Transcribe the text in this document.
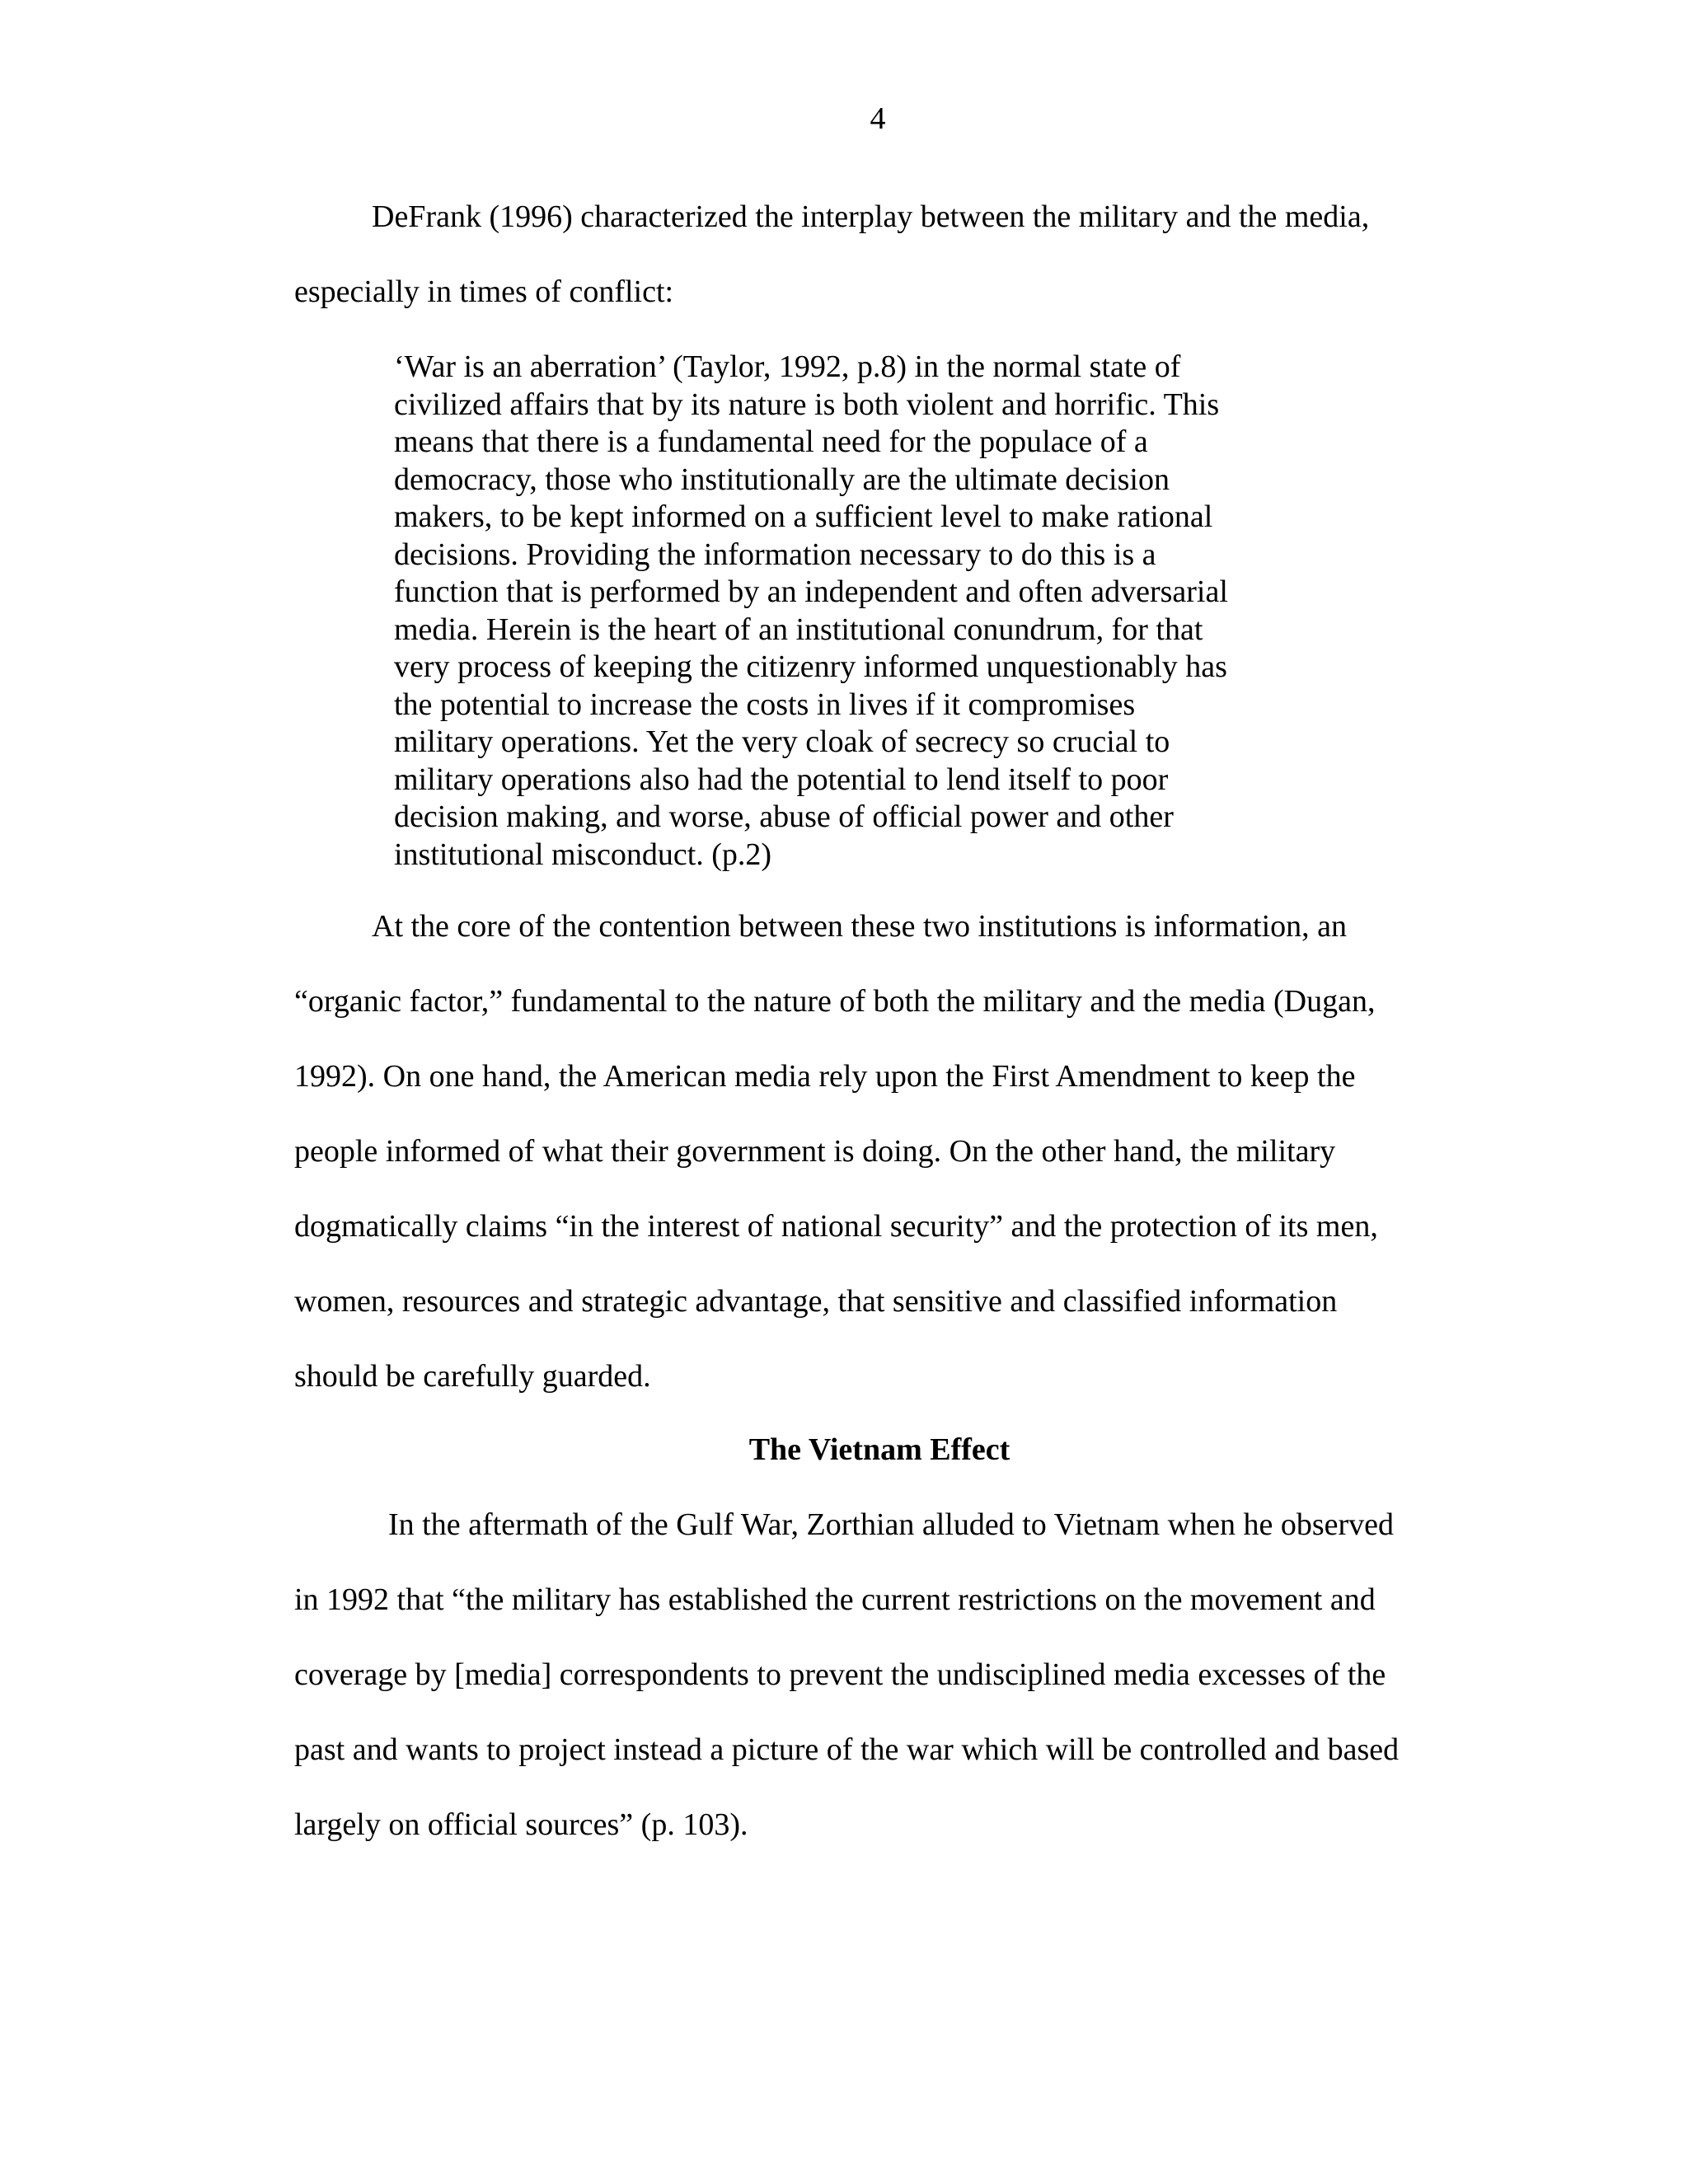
4

DeFrank (1996) characterized the interplay between the military and the media,

especially in times of conflict:

‘War is an aberration’ (Taylor, 1992, p.8) in the normal state of

civilized affairs that by its nature is both violent and horrific. This

means that there is a fundamental need for the populace of a

democracy, those who institutionally are the ultimate decision

makers, to be kept informed on a sufficient level to make rational

decisions. Providing the information necessary to do this is a

function that is performed by an independent and often adversarial

media. Herein is the heart of an institutional conundrum, for that

very process of keeping the citizenry informed unquestionably has

the potential to increase the costs in lives if it compromises

military operations. Yet the very cloak of secrecy so crucial to

military operations also had the potential to lend itself to poor

decision making, and worse, abuse of official power and other

institutional misconduct. (p.2)

At the core of the contention between these two institutions is information, an

“organic factor,” fundamental to the nature of both the military and the media (Dugan,

1992). On one hand, the American media rely upon the First Amendment to keep the

people informed of what their government is doing. On the other hand, the military

dogmatically claims “in the interest of national security” and the protection of its men,

women, resources and strategic advantage, that sensitive and classified information

should be carefully guarded.

The Vietnam Effect

In the aftermath of the Gulf War, Zorthian alluded to Vietnam when he observed

in 1992 that “the military has established the current restrictions on the movement and

coverage by [media] correspondents to prevent the undisciplined media excesses of the

past and wants to project instead a picture of the war which will be controlled and based

largely on official sources” (p. 103).
